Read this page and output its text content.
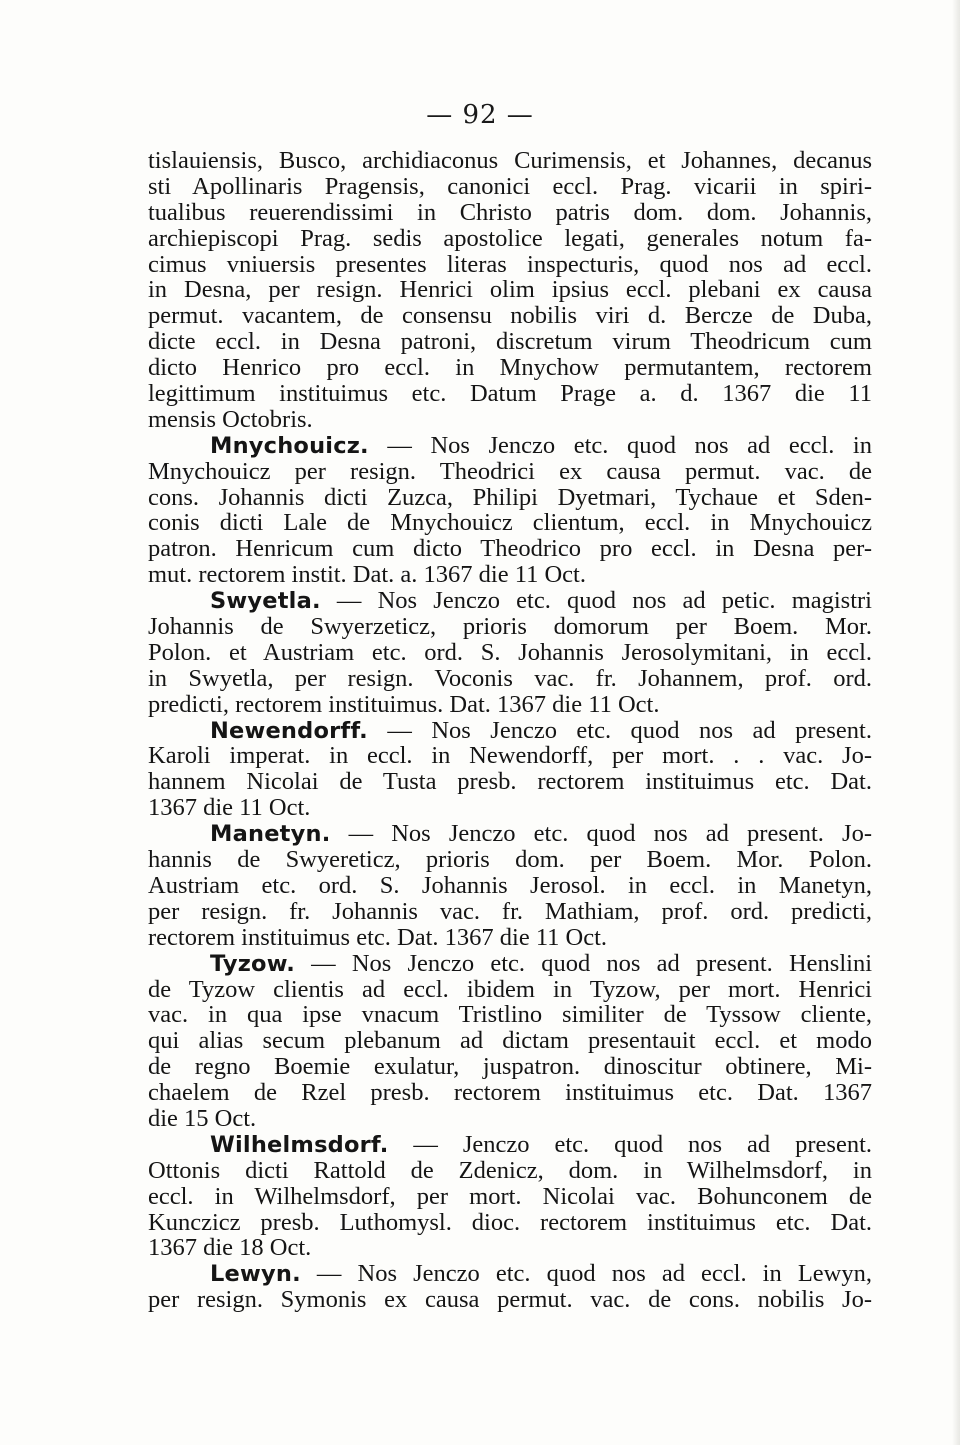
— 92 —
tislauiensis, Busco, archidiaconus Curimensis, et Johannes, decanus
sti Apollinaris Pragensis, canonici eccl. Prag. vicarii in spiri-
tualibus reuerendissimi in Christo patris dom. dom. Johannis,
archiepiscopi Prag. sedis apostolice legati, generales notum fa-
cimus vniuersis presentes literas inspecturis, quod nos ad eccl.
in Desna, per resign. Henrici olim ipsius eccl. plebani ex causa
permut. vacantem, de consensu nobilis viri d. Bercze de Duba,
dicte eccl. in Desna patroni, discretum virum Theodricum cum
dicto Henrico pro eccl. in Mnychow permutantem, rectorem
legittimum instituimus etc. Datum Prage a. d. 1367 die 11
mensis Octobris.
Mnychouicz. — Nos Jenczo etc. quod nos ad eccl. in
Mnychouicz per resign. Theodrici ex causa permut. vac. de
cons. Johannis dicti Zuzca, Philipi Dyetmari, Tychaue et Sden-
conis dicti Lale de Mnychouicz clientum, eccl. in Mnychouicz
patron. Henricum cum dicto Theodrico pro eccl. in Desna per-
mut. rectorem instit. Dat. a. 1367 die 11 Oct.
Swyetla. — Nos Jenczo etc. quod nos ad petic. magistri
Johannis de Swyerzeticz, prioris domorum per Boem. Mor.
Polon. et Austriam etc. ord. S. Johannis Jerosolymitani, in eccl.
in Swyetla, per resign. Voconis vac. fr. Johannem, prof. ord.
predicti, rectorem instituimus. Dat. 1367 die 11 Oct.
Newendorff. — Nos Jenczo etc. quod nos ad present.
Karoli imperat. in eccl. in Newendorff, per mort. . . vac. Jo-
hannem Nicolai de Tusta presb. rectorem instituimus etc. Dat.
1367 die 11 Oct.
Manetyn. — Nos Jenczo etc. quod nos ad present. Jo-
hannis de Swyereticz, prioris dom. per Boem. Mor. Polon.
Austriam etc. ord. S. Johannis Jerosol. in eccl. in Manetyn,
per resign. fr. Johannis vac. fr. Mathiam, prof. ord. predicti,
rectorem instituimus etc. Dat. 1367 die 11 Oct.
Tyzow. — Nos Jenczo etc. quod nos ad present. Henslini
de Tyzow clientis ad eccl. ibidem in Tyzow, per mort. Henrici
vac. in qua ipse vnacum Tristlino similiter de Tyssow cliente,
qui alias secum plebanum ad dictam presentauit eccl. et modo
de regno Boemie exulatur, juspatron. dinoscitur obtinere, Mi-
chaelem de Rzel presb. rectorem instituimus etc. Dat. 1367
die 15 Oct.
Wilhelmsdorf. — Jenczo etc. quod nos ad present.
Ottonis dicti Rattold de Zdenicz, dom. in Wilhelmsdorf, in
eccl. in Wilhelmsdorf, per mort. Nicolai vac. Bohunconem de
Kunczicz presb. Luthomysl. dioc. rectorem instituimus etc. Dat.
1367 die 18 Oct.
Lewyn. — Nos Jenczo etc. quod nos ad eccl. in Lewyn,
per resign. Symonis ex causa permut. vac. de cons. nobilis Jo-
